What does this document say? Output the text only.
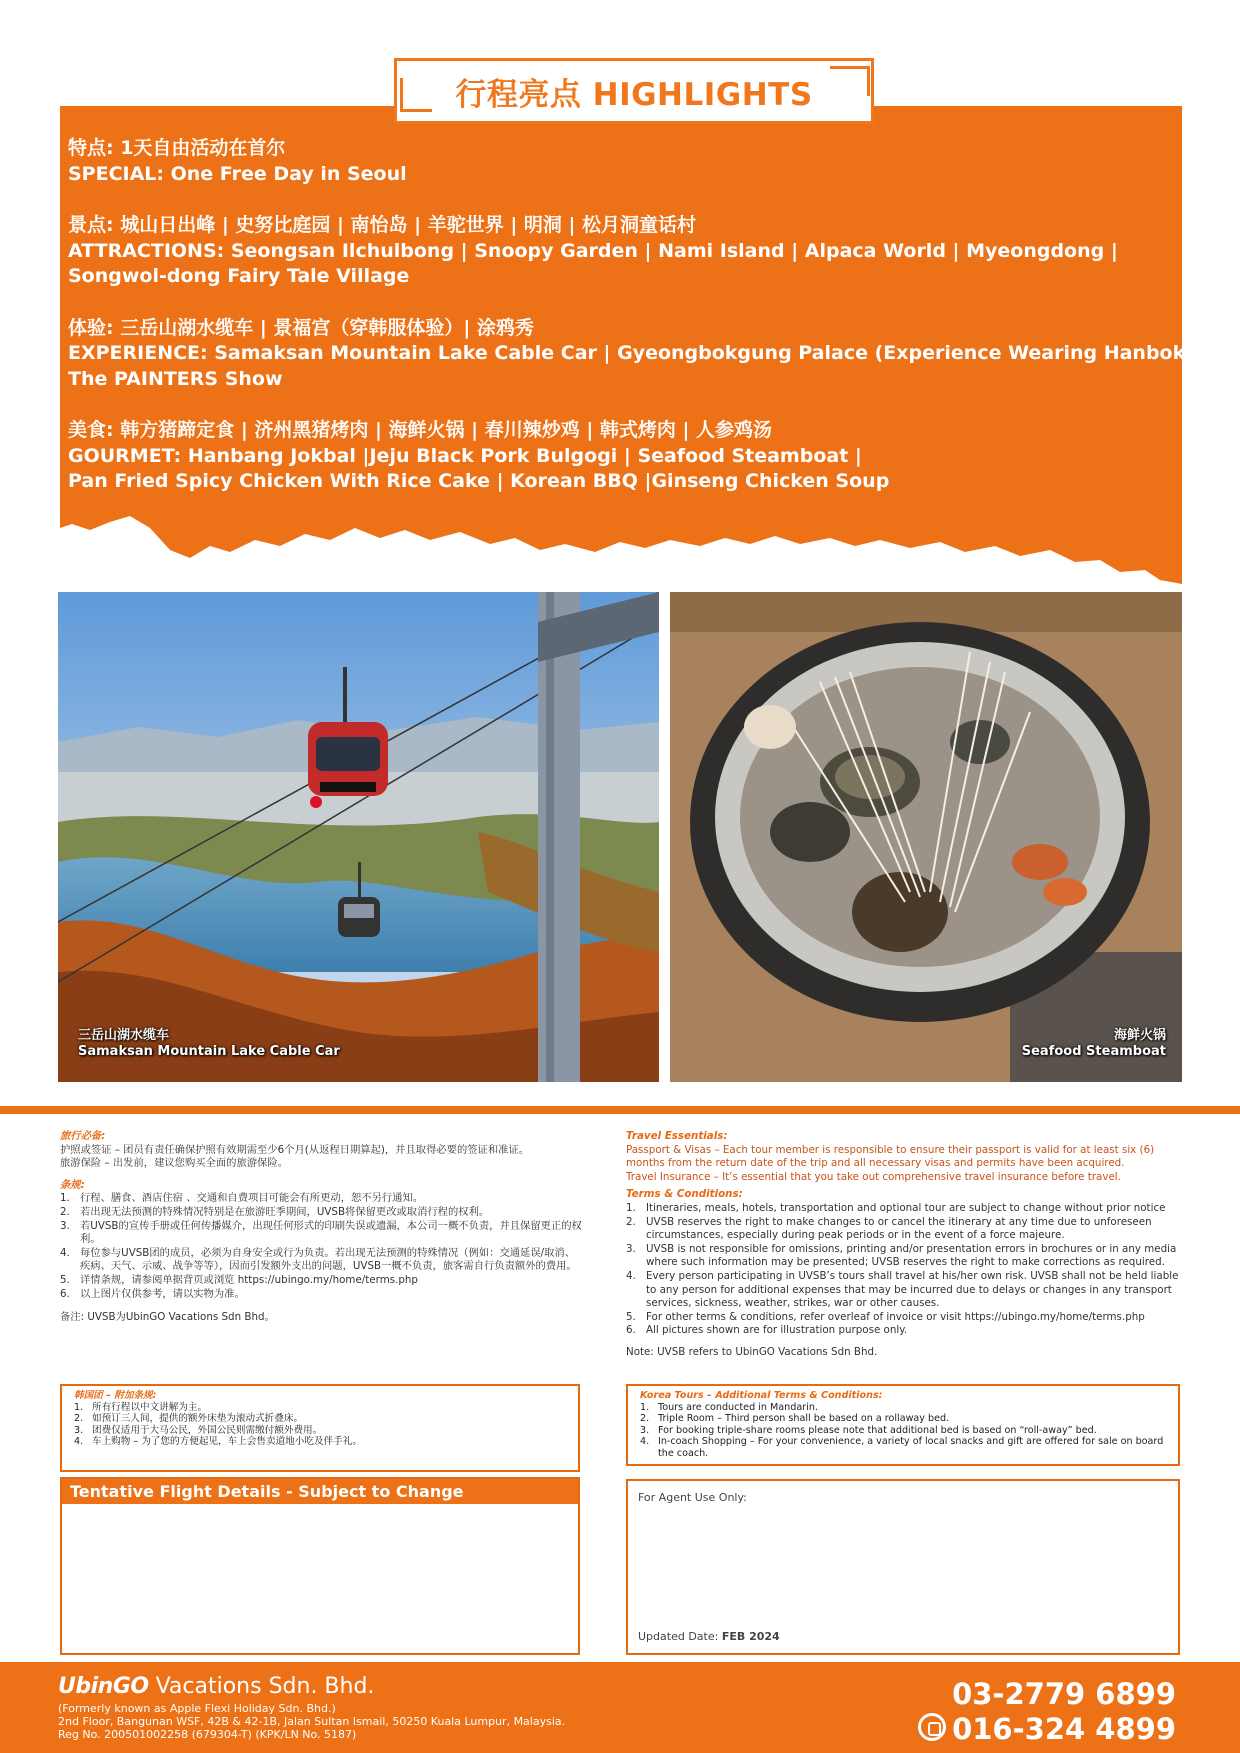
行程亮点 HIGHLIGHTS

特点: 1天自由活动在首尔

SPECIAL: One Free Day in Seoul

景点: 城山日出峰 | 史努比庭园 | 南怡岛 | 羊驼世界 | 明洞 | 松月洞童话村

ATTRACTIONS: Seongsan Ilchulbong | Snoopy Garden | Nami Island | Alpaca World | Myeongdong |

Songwol-dong Fairy Tale Village

体验: 三岳山湖水缆车 | 景福宫（穿韩服体验）| 涂鸦秀

EXPERIENCE: Samaksan Mountain Lake Cable Car | Gyeongbokgung Palace (Experience Wearing Hanbok) |

The PAINTERS Show

美食: 韩方猪蹄定食 | 济州黑猪烤肉 | 海鲜火锅 | 春川辣炒鸡 | 韩式烤肉 | 人参鸡汤

GOURMET: Hanbang Jokbal |Jeju Black Pork Bulgogi | Seafood Steamboat |

Pan Fried Spicy Chicken With Rice Cake | Korean BBQ |Ginseng Chicken Soup

三岳山湖水缆车
Samaksan Mountain Lake Cable Car
海鲜火锅
Seafood Steamboat
旅行必备:
护照或签证 – 团员有责任确保护照有效期需至少6个月(从返程日期算起)，并且取得必要的签证和准证。
旅游保险 – 出发前，建议您购买全面的旅游保险。
条规:
1. 行程、膳食、酒店住宿 、交通和自费项目可能会有所更动，恕不另行通知。
2. 若出现无法预测的特殊情况特别是在旅游旺季期间，UVSB将保留更改或取消行程的权利。
3. 若UVSB的宣传手册或任何传播媒介，出现任何形式的印刷失误或遗漏，本公司一概不负责，并且保留更正的权利。
4. 每位参与UVSB团的成员，必须为自身安全或行为负责。若出现无法预测的特殊情况（例如：交通延误/取消、疾病、天气、示威、战争等等），因而引发额外支出的问题，UVSB一概不负责，旅客需自行负责额外的费用。
5. 详情条规，请参阅单据背页或浏览 https://ubingo.my/home/terms.php
6. 以上图片仅供参考，请以实物为准。
备注: UVSB为UbinGO Vacations Sdn Bhd。
Travel Essentials:
Passport & Visas – Each tour member is responsible to ensure their passport is valid for at least six (6) months from the return date of the trip and all necessary visas and permits have been acquired.
Travel Insurance – It’s essential that you take out comprehensive travel insurance before travel.
Terms & Conditions:
1. Itineraries, meals, hotels, transportation and optional tour are subject to change without prior notice
2. UVSB reserves the right to make changes to or cancel the itinerary at any time due to unforeseen circumstances, especially during peak periods or in the event of a force majeure.
3. UVSB is not responsible for omissions, printing and/or presentation errors in brochures or in any media where such information may be presented; UVSB reserves the right to make corrections as required.
4. Every person participating in UVSB’s tours shall travel at his/her own risk. UVSB shall not be held liable to any person for additional expenses that may be incurred due to delays or changes in any transport services, sickness, weather, strikes, war or other causes.
5. For other terms & conditions, refer overleaf of invoice or visit https://ubingo.my/home/terms.php
6. All pictures shown are for illustration purpose only.
Note: UVSB refers to UbinGO Vacations Sdn Bhd.
韩国团 – 附加条规:
1. 所有行程以中文讲解为主。
2. 如预订三人间，提供的额外床垫为滚动式折叠床。
3. 团费仅适用于大马公民，外国公民则需缴付额外费用。
4. 车上购物 – 为了您的方便起见，车上会售卖道地小吃及伴手礼。
Korea Tours – Additional Terms & Conditions:
1. Tours are conducted in Mandarin.
2. Triple Room – Third person shall be based on a rollaway bed.
3. For booking triple-share rooms please note that additional bed is based on “roll-away” bed.
4. In-coach Shopping – For your convenience, a variety of local snacks and gift are offered for sale on board the coach.
Tentative Flight Details - Subject to Change	For Agent Use Only:
Updated Date: FEB 2024
UbinGO Vacations Sdn. Bhd.
(Formerly known as Apple Flexi Holiday Sdn. Bhd.)
2nd Floor, Bangunan WSF, 42B & 42-1B, Jalan Sultan Ismail, 50250 Kuala Lumpur, Malaysia.
Reg No. 200501002258 (679304-T) (KPK/LN No. 5187)
03-2779 6899
016-324 4899
